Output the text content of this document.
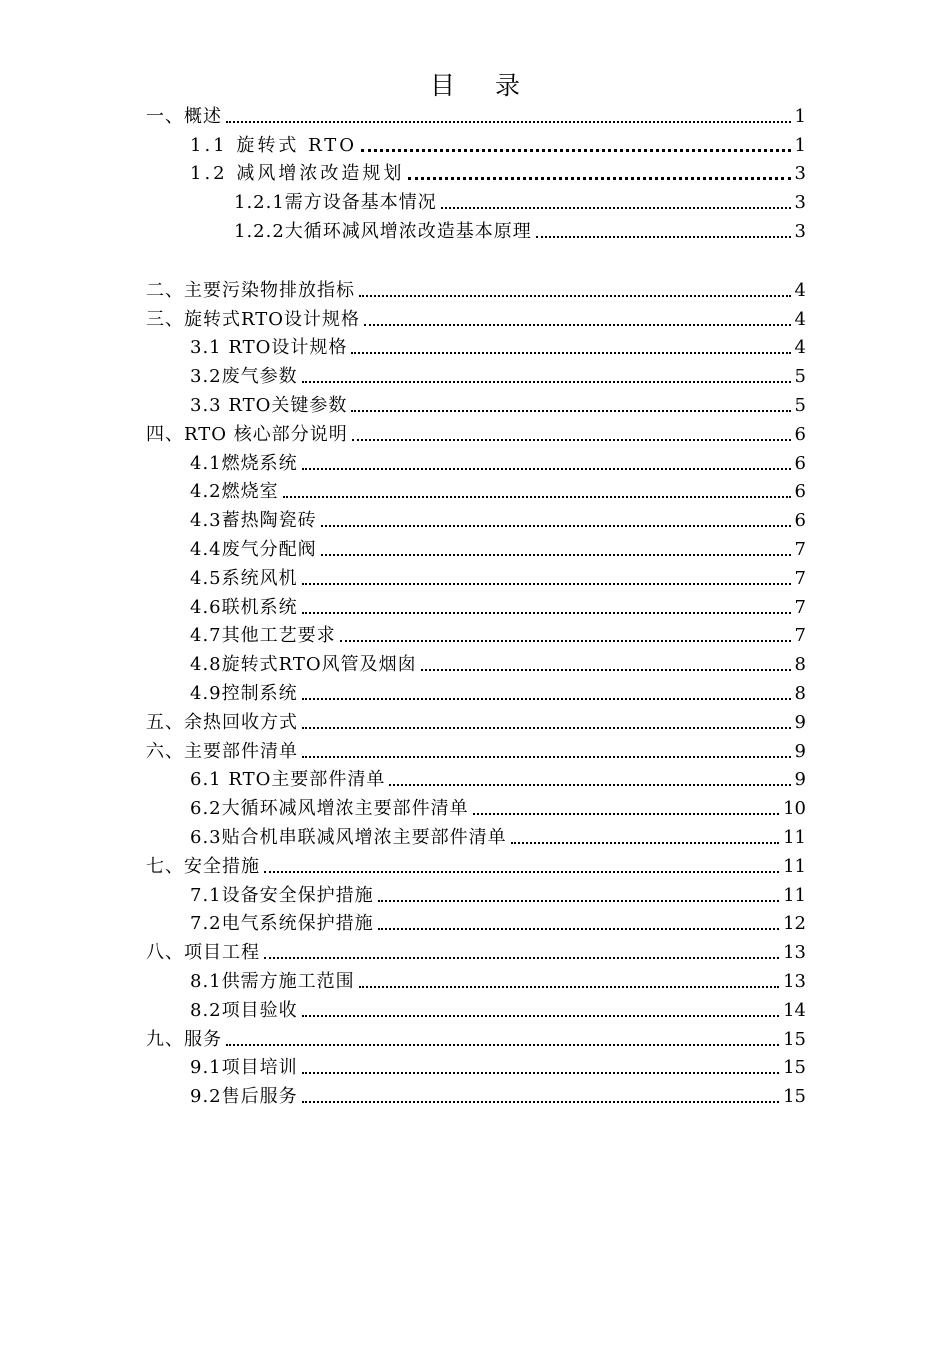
目录
一、概述	1
1.1 旋转式 RTO	1
1.2 减风增浓改造规划	3
1.2.1需方设备基本情况	3
1.2.2大循环减风增浓改造基本原理	3
二、主要污染物排放指标	4
三、旋转式RTO设计规格	4
3.1 RTO设计规格	4
3.2废气参数	5
3.3 RTO关键参数	5
四、RTO 核心部分说明	6
4.1燃烧系统	6
4.2燃烧室	6
4.3蓄热陶瓷砖	6
4.4废气分配阀	7
4.5系统风机	7
4.6联机系统	7
4.7其他工艺要求	7
4.8旋转式RTO风管及烟囱	8
4.9控制系统	8
五、余热回收方式	9
六、主要部件清单	9
6.1 RTO主要部件清单	9
6.2大循环减风增浓主要部件清单	10
6.3贴合机串联减风增浓主要部件清单	11
七、安全措施	11
7.1设备安全保护措施	11
7.2电气系统保护措施	12
八、项目工程	13
8.1供需方施工范围	13
8.2项目验收	14
九、服务	15
9.1项目培训	15
9.2售后服务	15
